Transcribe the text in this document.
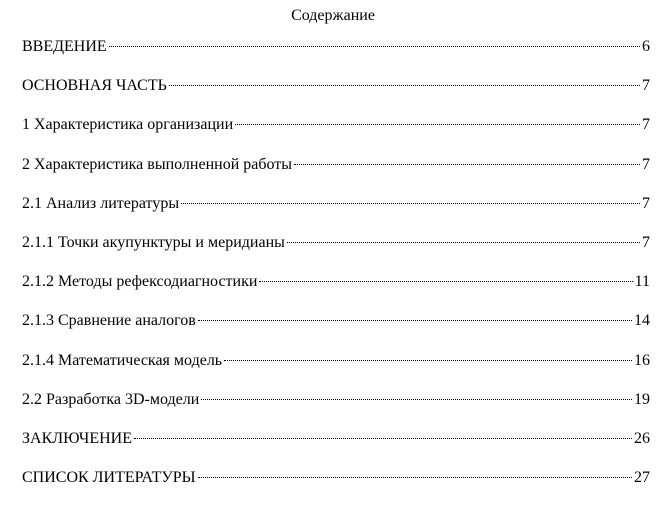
Содержание
ВВЕДЕНИЕ	6
ОСНОВНАЯ ЧАСТЬ	7
1 Характеристика организации	7
2 Характеристика выполненной работы	7
2.1 Анализ литературы	7
2.1.1 Точки акупунктуры и меридианы	7
2.1.2 Методы рефексодиагностики	11
2.1.3 Сравнение аналогов	14
2.1.4 Математическая модель	16
2.2 Разработка 3D-модели	19
ЗАКЛЮЧЕНИЕ	26
СПИСОК ЛИТЕРАТУРЫ	27
